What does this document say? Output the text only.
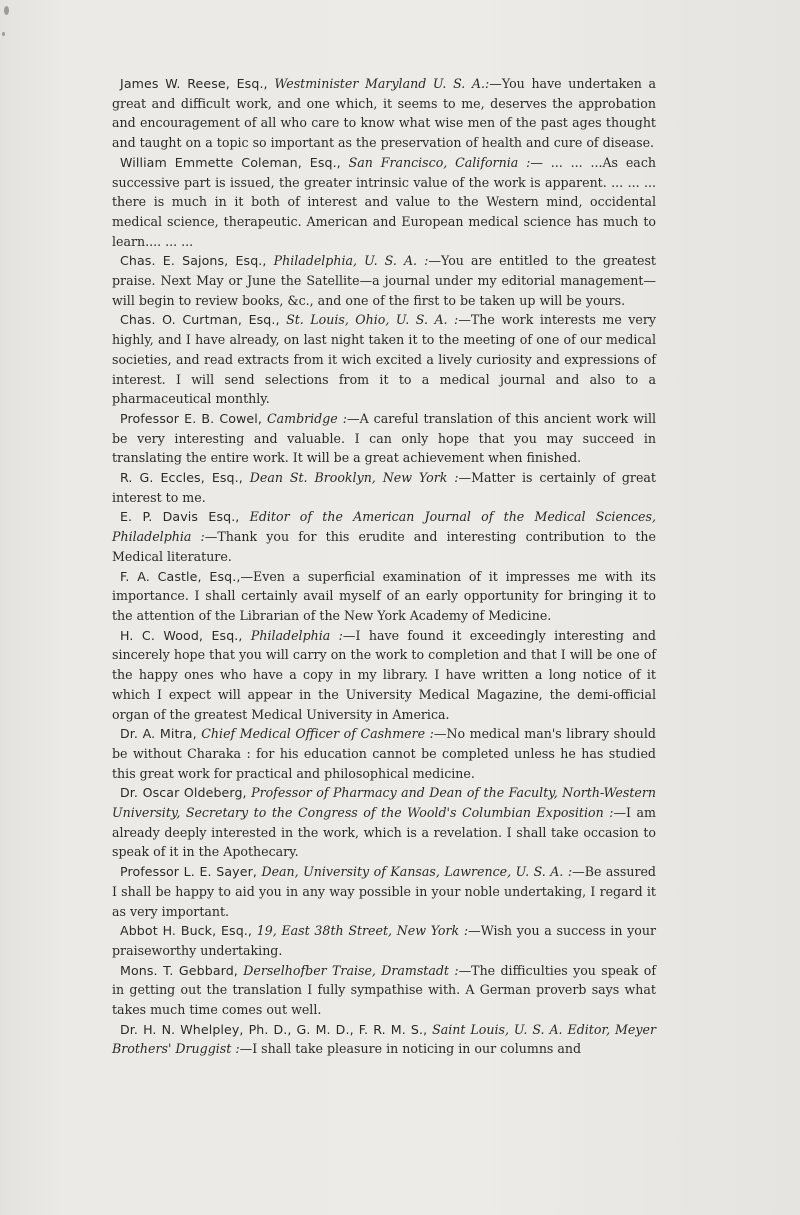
James W. Reese, Esq., Westminister Maryland U. S. A.:—You have undertaken a great and difficult work, and one which, it seems to me, deserves the approbation and encouragement of all who care to know what wise men of the past ages thought and taught on a topic so important as the preservation of health and cure of disease.

William Emmette Coleman, Esq., San Francisco, California :— ... ... ...As each successive part is issued, the greater intrinsic value of the work is apparent. ... ... ... there is much in it both of interest and value to the Western mind, occidental medical science, therapeutic. American and European medical science has much to learn.... ... ...

Chas. E. Sajons, Esq., Philadelphia, U. S. A. :—You are entitled to the greatest praise. Next May or June the Satellite—a journal under my editorial management—will begin to review books, &c., and one of the first to be taken up will be yours.

Chas. O. Curtman, Esq., St. Louis, Ohio, U. S. A. :—The work interests me very highly, and I have already, on last night taken it to the meeting of one of our medical societies, and read extracts from it wich excited a lively curiosity and expressions of interest. I will send selections from it to a medical journal and also to a pharmaceutical monthly.

Professor E. B. Cowel, Cambridge :—A careful translation of this ancient work will be very interesting and valuable. I can only hope that you may succeed in translating the entire work. It will be a great achievement when finished.

R. G. Eccles, Esq., Dean St. Brooklyn, New York :—Matter is certainly of great interest to me.

E. P. Davis Esq., Editor of the American Journal of the Medical Sciences, Philadelphia :—Thank you for this erudite and interesting contribution to the Medical literature.

F. A. Castle, Esq.,—Even a superficial examination of it impresses me with its importance. I shall certainly avail myself of an early opportunity for bringing it to the attention of the Librarian of the New York Academy of Medicine.

H. C. Wood, Esq., Philadelphia :—I have found it exceedingly interesting and sincerely hope that you will carry on the work to completion and that I will be one of the happy ones who have a copy in my library. I have written a long notice of it which I expect will appear in the University Medical Magazine, the demi-official organ of the greatest Medical University in America.

Dr. A. Mitra, Chief Medical Officer of Cashmere :—No medical man's library should be without Charaka : for his education cannot be completed unless he has studied this great work for practical and philosophical medicine.

Dr. Oscar Oldeberg, Professor of Pharmacy and Dean of the Faculty, North-Western University, Secretary to the Congress of the Woold's Columbian Exposition :—I am already deeply interested in the work, which is a revelation. I shall take occasion to speak of it in the Apothecary.

Professor L. E. Sayer, Dean, University of Kansas, Lawrence, U. S. A. :—Be assured I shall be happy to aid you in any way possible in your noble undertaking, I regard it as very important.

Abbot H. Buck, Esq., 19, East 38th Street, New York :—Wish you a success in your praiseworthy undertaking.

Mons. T. Gebbard, Derselhofber Traise, Dramstadt :—The difficulties you speak of in getting out the translation I fully sympathise with. A German proverb says what takes much time comes out well.

Dr. H. N. Whelpley, Ph. D., G. M. D., F. R. M. S., Saint Louis, U. S. A. Editor, Meyer Brothers' Druggist :—I shall take pleasure in noticing in our columns and
